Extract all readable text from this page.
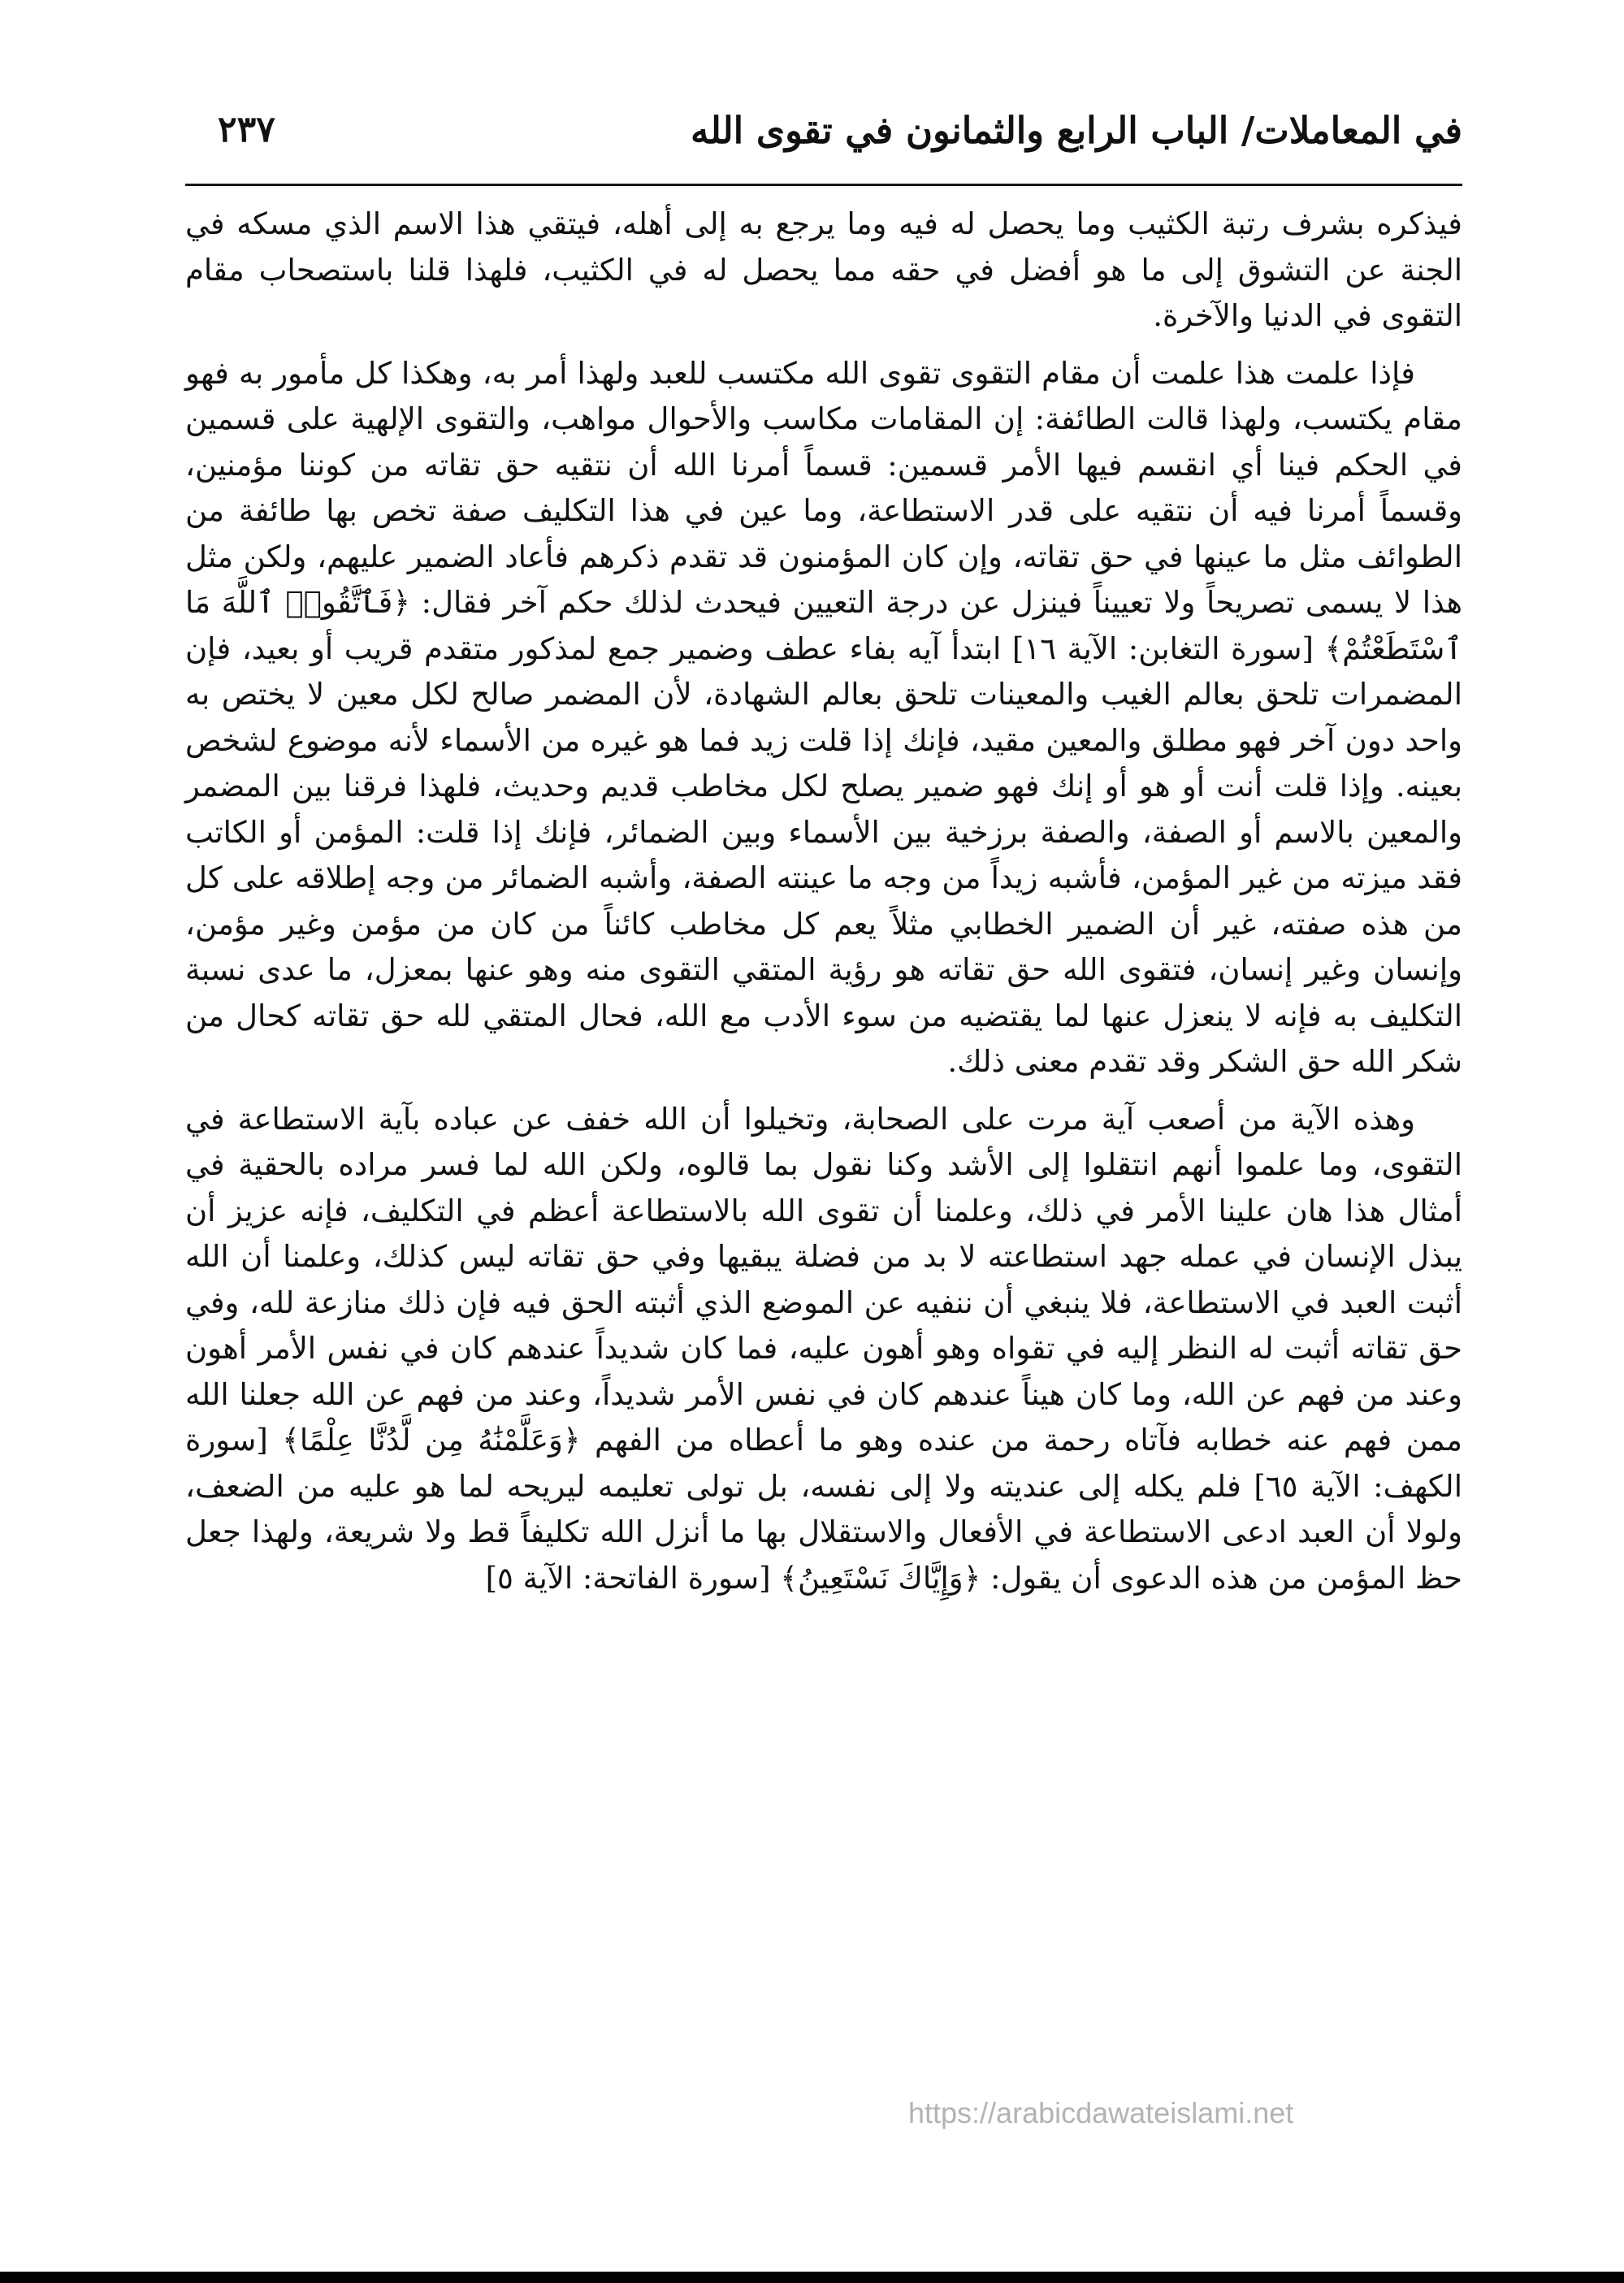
في المعاملات/ الباب الرابع والثمانون في تقوى الله
٢٣٧

فيذكره بشرف رتبة الكثيب وما يحصل له فيه وما يرجع به إلى أهله، فيتقي هذا الاسم الذي مسكه في الجنة عن التشوق إلى ما هو أفضل في حقه مما يحصل له في الكثيب، فلهذا قلنا باستصحاب مقام التقوى في الدنيا والآخرة.

فإذا علمت هذا علمت أن مقام التقوى تقوى الله مكتسب للعبد ولهذا أمر به، وهكذا كل مأمور به فهو مقام يكتسب، ولهذا قالت الطائفة: إن المقامات مكاسب والأحوال مواهب، والتقوى الإلهية على قسمين في الحكم فينا أي انقسم فيها الأمر قسمين: قسماً أمرنا الله أن نتقيه حق تقاته من كوننا مؤمنين، وقسماً أمرنا فيه أن نتقيه على قدر الاستطاعة، وما عين في هذا التكليف صفة تخص بها طائفة من الطوائف مثل ما عينها في حق تقاته، وإن كان المؤمنون قد تقدم ذكرهم فأعاد الضمير عليهم، ولكن مثل هذا لا يسمى تصريحاً ولا تعييناً فينزل عن درجة التعيين فيحدث لذلك حكم آخر فقال: ﴿فَٱتَّقُوا۟ ٱللَّهَ مَا ٱسْتَطَعْتُمْ﴾ [سورة التغابن: الآية ١٦] ابتدأ آيه بفاء عطف وضمير جمع لمذكور متقدم قريب أو بعيد، فإن المضمرات تلحق بعالم الغيب والمعينات تلحق بعالم الشهادة، لأن المضمر صالح لكل معين لا يختص به واحد دون آخر فهو مطلق والمعين مقيد، فإنك إذا قلت زيد فما هو غيره من الأسماء لأنه موضوع لشخص بعينه. وإذا قلت أنت أو هو أو إنك فهو ضمير يصلح لكل مخاطب قديم وحديث، فلهذا فرقنا بين المضمر والمعين بالاسم أو الصفة، والصفة برزخية بين الأسماء وبين الضمائر، فإنك إذا قلت: المؤمن أو الكاتب فقد ميزته من غير المؤمن، فأشبه زيداً من وجه ما عينته الصفة، وأشبه الضمائر من وجه إطلاقه على كل من هذه صفته، غير أن الضمير الخطابي مثلاً يعم كل مخاطب كائناً من كان من مؤمن وغير مؤمن، وإنسان وغير إنسان، فتقوى الله حق تقاته هو رؤية المتقي التقوى منه وهو عنها بمعزل، ما عدى نسبة التكليف به فإنه لا ينعزل عنها لما يقتضيه من سوء الأدب مع الله، فحال المتقي لله حق تقاته كحال من شكر الله حق الشكر وقد تقدم معنى ذلك.

وهذه الآية من أصعب آية مرت على الصحابة، وتخيلوا أن الله خفف عن عباده بآية الاستطاعة في التقوى، وما علموا أنهم انتقلوا إلى الأشد وكنا نقول بما قالوه، ولكن الله لما فسر مراده بالحقية في أمثال هذا هان علينا الأمر في ذلك، وعلمنا أن تقوى الله بالاستطاعة أعظم في التكليف، فإنه عزيز أن يبذل الإنسان في عمله جهد استطاعته لا بد من فضلة يبقيها وفي حق تقاته ليس كذلك، وعلمنا أن الله أثبت العبد في الاستطاعة، فلا ينبغي أن ننفيه عن الموضع الذي أثبته الحق فيه فإن ذلك منازعة لله، وفي حق تقاته أثبت له النظر إليه في تقواه وهو أهون عليه، فما كان شديداً عندهم كان في نفس الأمر أهون وعند من فهم عن الله، وما كان هيناً عندهم كان في نفس الأمر شديداً، وعند من فهم عن الله جعلنا الله ممن فهم عنه خطابه فآتاه رحمة من عنده وهو ما أعطاه من الفهم ﴿وَعَلَّمْنَٰهُ مِن لَّدُنَّا عِلْمًا﴾ [سورة الكهف: الآية ٦٥] فلم يكله إلى عنديته ولا إلى نفسه، بل تولى تعليمه ليريحه لما هو عليه من الضعف، ولولا أن العبد ادعى الاستطاعة في الأفعال والاستقلال بها ما أنزل الله تكليفاً قط ولا شريعة، ولهذا جعل حظ المؤمن من هذه الدعوى أن يقول: ﴿وَإِيَّاكَ نَسْتَعِينُ﴾ [سورة الفاتحة: الآية ٥]

https://arabicdawateislami.net
